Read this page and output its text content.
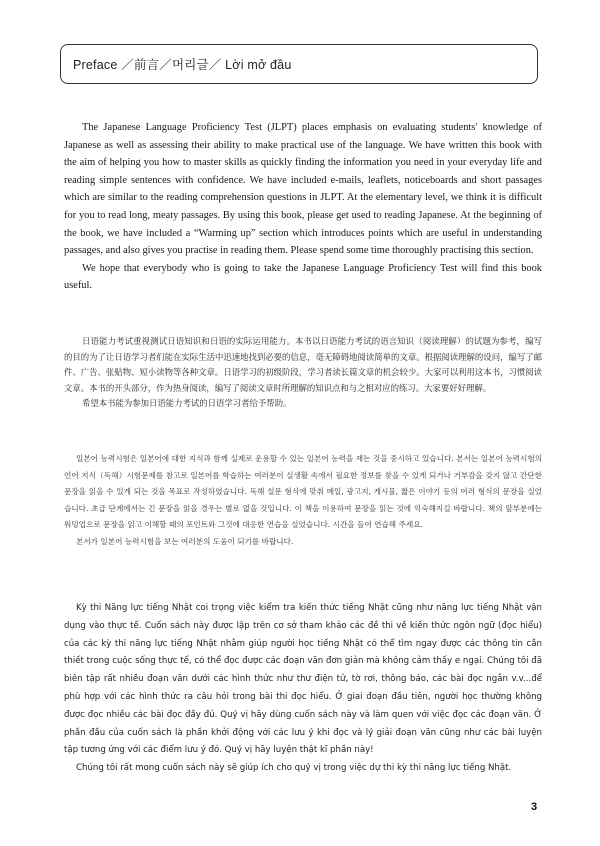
Preface ／前言／머리글／ Lời mở đầu

The Japanese Language Proficiency Test (JLPT) places emphasis on evaluating students' knowledge of Japanese as well as assessing their ability to make practical use of the language. We have written this book with the aim of helping you how to master skills as quickly finding the information you need in your everyday life and reading simple sentences with confidence. We have included e-mails, leaflets, noticeboards and short passages which are similar to the reading comprehension questions in JLPT. At the elementary level, we think it is difficult for you to read long, meaty passages. By using this book, please get used to reading Japanese. At the beginning of the book, we have included a “Warming up” section which introduces points which are useful in understanding passages, and also gives you practise in reading them. Please spend some time thoroughly practising this section.

We hope that everybody who is going to take the Japanese Language Proficiency Test will find this book useful.

日语能力考试重视测试日语知识和日语的实际运用能力。本书以日语能力考试的语言知识（阅读理解）的试题为参考，编写的目的为了让日语学习者们能在实际生活中迅速地找到必要的信息，毫无障碍地阅读简单的文章。根据阅读理解的设问，编写了邮件、广告、张贴物、短小读物等各种文章。日语学习的初级阶段，学习者读长篇文章的机会较少。大家可以利用这本书，习惯阅读文章。本书的开头部分，作为热身阅读，编写了阅读文章时所理解的知识点和与之相对应的练习。大家要好好理解。

希望本书能为参加日语能力考试的日语学习者给予帮助。

일본어 능력시험은 일본어에 대한 지식과 함께 실제로 운용할 수 있는 일본어 능력을 재는 것을 중시하고 있습니다. 본서는 일본어 능력시험의 언어 지식（독해）시험문제를 참고로 일본어를 학습하는 여러분이 실생활 속에서 필요한 정보를 찾을 수 있게 되거나 거부감을 갖지 않고 간단한 문장을 읽을 수 있게 되는 것을 목표로 작성하였습니다. 독해 설문 형식에 맞춰 메일, 광고지, 게시물, 짧은 이야기 등의 여러 형식의 문장을 실었습니다. 초급 단계에서는 긴 문장을 읽을 경우는 별로 없을 것입니다. 이 책을 이용하여 문장을 읽는 것에 익숙해지길 바랍니다. 책의 앞부분에는 워밍업으로 문장을 읽고 이해할 때의 포인트와 그것에 대응한 연습을 실었습니다. 시간을 들여 연습해 주세요.

본서가 일본어 능력시험을 보는 여러분의 도움이 되기를 바랍니다.

Kỳ thi Năng lực tiếng Nhật coi trọng việc kiểm tra kiến thức tiếng Nhật cũng như năng lực tiếng Nhật vận dụng vào thực tế. Cuốn sách này được lập trên cơ sở tham khảo các đề thi về kiến thức ngôn ngữ (đọc hiểu) của các kỳ thi năng lực tiếng Nhật nhằm giúp người học tiếng Nhật có thể tìm ngay được các thông tin cần thiết trong cuộc sống thực tế, có thể đọc được các đoạn văn đơn giản mà không cảm thấy e ngại. Chúng tôi đã biên tập rất nhiều đoạn văn dưới các hình thức như thư điện tử, tờ rơi, thông báo, các bài đọc ngắn v.v...để phù hợp với các hình thức ra câu hỏi trong bài thi đọc hiểu. Ở giai đoạn đầu tiên, người học thường không được đọc nhiều các bài đọc đầy đủ. Quý vị hãy dùng cuốn sách này và làm quen với việc đọc các đoạn văn. Ở phần đầu của cuốn sách là phần khởi động với các lưu ý khi đọc và lý giải đoạn văn cũng như các bài luyện tập tương ứng với các điểm lưu ý đó. Quý vị hãy luyện thật kĩ phần này!

Chúng tôi rất mong cuốn sách này sẽ giúp ích cho quý vị trong việc dự thi kỳ thi năng lực tiếng Nhật.

3
